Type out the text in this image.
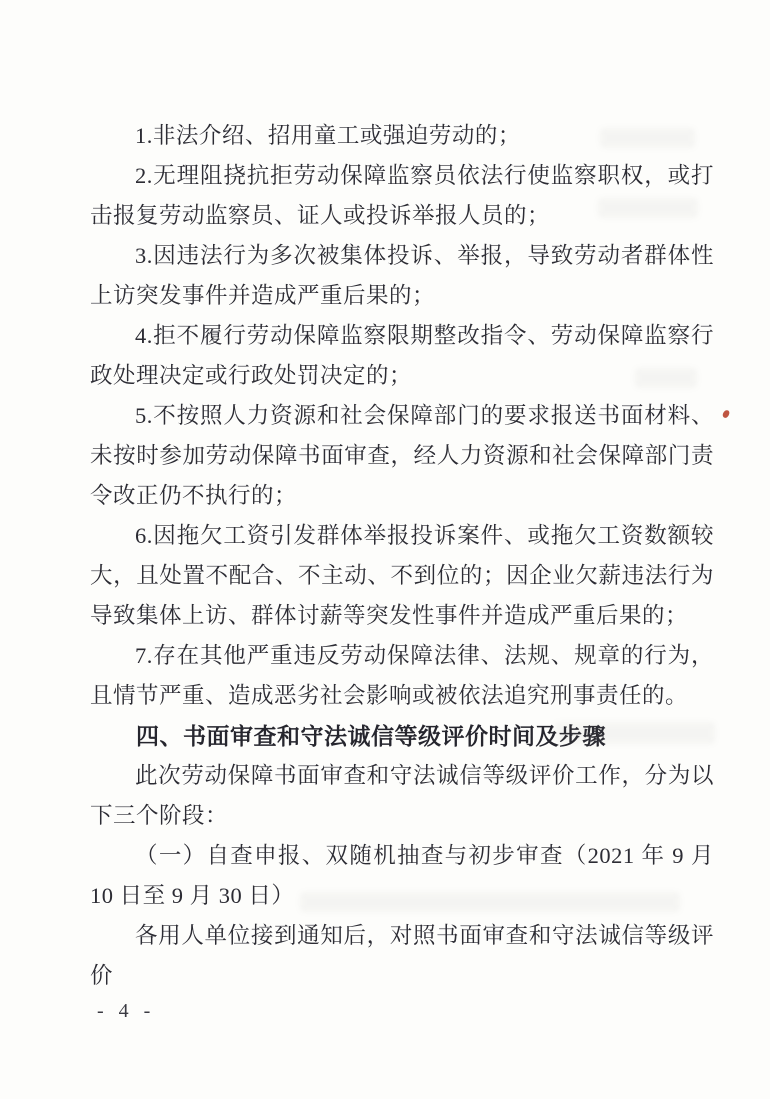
1.非法介绍、招用童工或强迫劳动的；

2.无理阻挠抗拒劳动保障监察员依法行使监察职权，或打击报复劳动监察员、证人或投诉举报人员的；

3.因违法行为多次被集体投诉、举报，导致劳动者群体性上访突发事件并造成严重后果的；

4.拒不履行劳动保障监察限期整改指令、劳动保障监察行政处理决定或行政处罚决定的；

5.不按照人力资源和社会保障部门的要求报送书面材料、未按时参加劳动保障书面审查，经人力资源和社会保障部门责令改正仍不执行的；

6.因拖欠工资引发群体举报投诉案件、或拖欠工资数额较大，且处置不配合、不主动、不到位的；因企业欠薪违法行为导致集体上访、群体讨薪等突发性事件并造成严重后果的；

7.存在其他严重违反劳动保障法律、法规、规章的行为，且情节严重、造成恶劣社会影响或被依法追究刑事责任的。

四、书面审查和守法诚信等级评价时间及步骤

此次劳动保障书面审查和守法诚信等级评价工作，分为以下三个阶段：

（一）自查申报、双随机抽查与初步审查（2021 年 9 月 10 日至 9 月 30 日）

各用人单位接到通知后，对照书面审查和守法诚信等级评价

- 4 -
